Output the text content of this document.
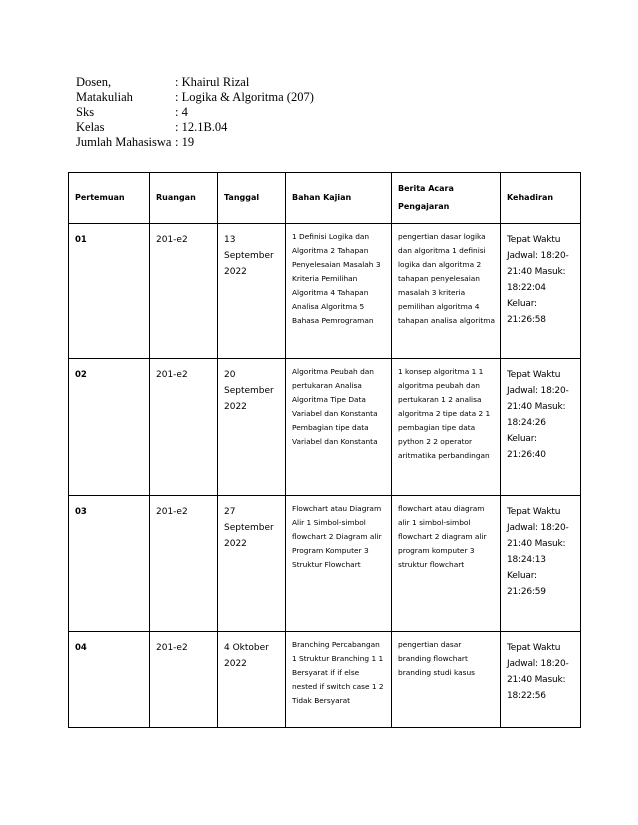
Dosen,	: Khairul Rizal
Matakuliah	: Logika & Algoritma (207)
Sks	: 4
Kelas	: 12.1B.04
Jumlah Mahasiswa : 19
Pertemuan	Ruangan	Tanggal	Bahan Kajian	Berita Acara Pengajaran	Kehadiran
01	201-e2	13 September 2022	1 Definisi Logika dan Algoritma 2 Tahapan Penyelesaian Masalah 3 Kriteria Pemilihan Algoritma 4 Tahapan Analisa Algoritma 5 Bahasa Pemrograman	pengertian dasar logika dan algoritma 1 definisi logika dan algoritma 2 tahapan penyelesaian masalah 3 kriteria pemilihan algoritma 4 tahapan analisa algoritma	Tepat Waktu Jadwal: 18:20-21:40 Masuk: 18:22:04 Keluar: 21:26:58
02	201-e2	20 September 2022	Algoritma Peubah dan pertukaran Analisa Algoritma Tipe Data Variabel dan Konstanta Pembagian tipe data Variabel dan Konstanta	1 konsep algoritma 1 1 algoritma peubah dan pertukaran 1 2 analisa algoritma 2 tipe data 2 1 pembagian tipe data python 2 2 operator aritmatika perbandingan	Tepat Waktu Jadwal: 18:20-21:40 Masuk: 18:24:26 Keluar: 21:26:40
03	201-e2	27 September 2022	Flowchart atau Diagram Alir 1 Simbol-simbol flowchart 2 Diagram alir Program Komputer 3 Struktur Flowchart	flowchart atau diagram alir 1 simbol-simbol flowchart 2 diagram alir program komputer 3 struktur flowchart	Tepat Waktu Jadwal: 18:20-21:40 Masuk: 18:24:13 Keluar: 21:26:59
04	201-e2	4 Oktober 2022	Branching Percabangan 1 Struktur Branching 1 1 Bersyarat if if else nested if switch case 1 2 Tidak Bersyarat	pengertian dasar branding flowchart branding studi kasus	Tepat Waktu Jadwal: 18:20-21:40 Masuk: 18:22:56
